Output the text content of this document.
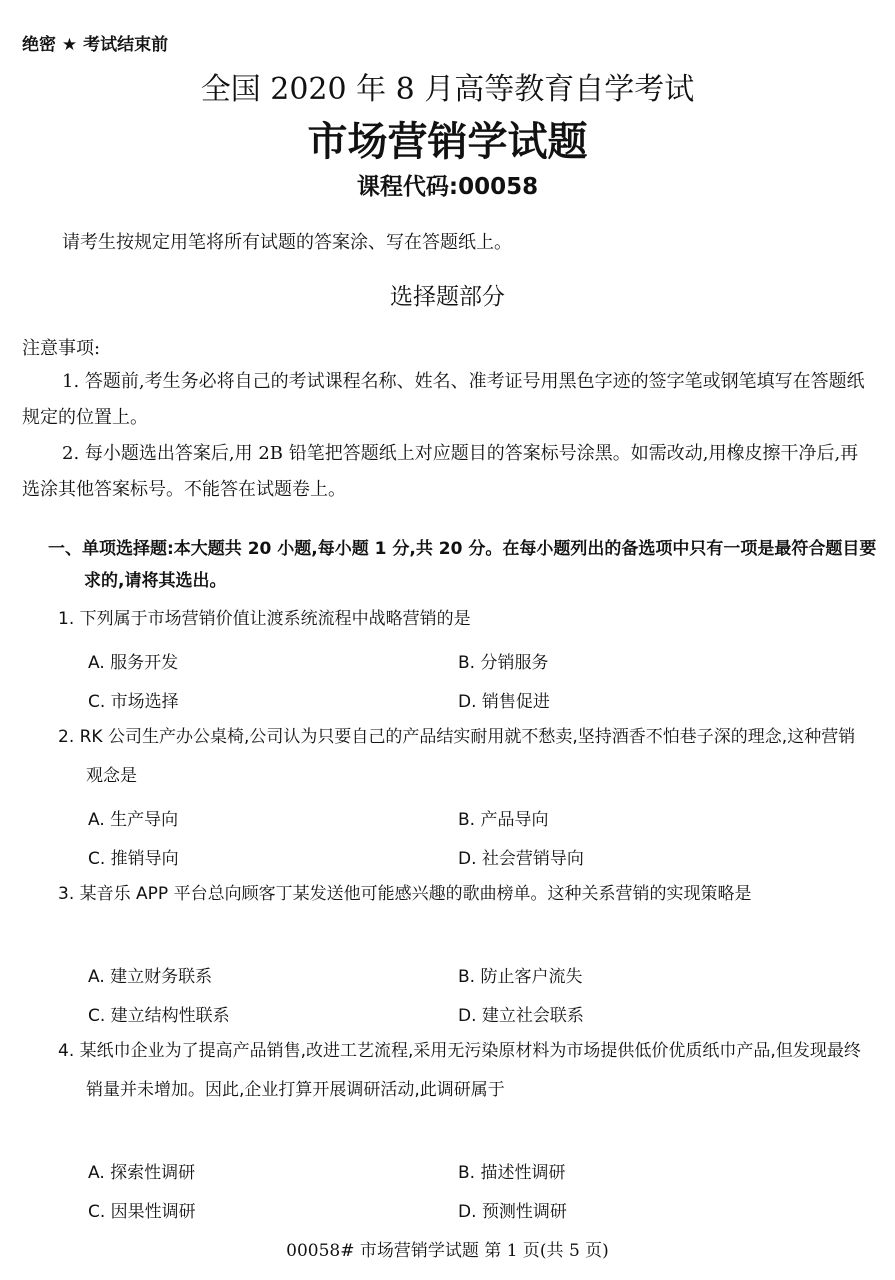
绝密 ★ 考试结束前
全国 2020 年 8 月高等教育自学考试
市场营销学试题
课程代码:00058
请考生按规定用笔将所有试题的答案涂、写在答题纸上。
选择题部分
注意事项:
1. 答题前,考生务必将自己的考试课程名称、姓名、准考证号用黑色字迹的签字笔或钢笔填写在答题纸规定的位置上。
2. 每小题选出答案后,用 2B 铅笔把答题纸上对应题目的答案标号涂黑。如需改动,用橡皮擦干净后,再选涂其他答案标号。不能答在试题卷上。
一、单项选择题:本大题共 20 小题,每小题 1 分,共 20 分。在每小题列出的备选项中只有一项是最符合题目要求的,请将其选出。
1. 下列属于市场营销价值让渡系统流程中战略营销的是
A. 服务开发	B. 分销服务
C. 市场选择	D. 销售促进
2. RK 公司生产办公桌椅,公司认为只要自己的产品结实耐用就不愁卖,坚持酒香不怕巷子深的理念,这种营销观念是
A. 生产导向	B. 产品导向
C. 推销导向	D. 社会营销导向
3. 某音乐 APP 平台总向顾客丁某发送他可能感兴趣的歌曲榜单。这种关系营销的实现策略是
A. 建立财务联系	B. 防止客户流失
C. 建立结构性联系	D. 建立社会联系
4. 某纸巾企业为了提高产品销售,改进工艺流程,采用无污染原材料为市场提供低价优质纸巾产品,但发现最终销量并未增加。因此,企业打算开展调研活动,此调研属于
A. 探索性调研	B. 描述性调研
C. 因果性调研	D. 预测性调研
00058# 市场营销学试题 第 1 页(共 5 页)
